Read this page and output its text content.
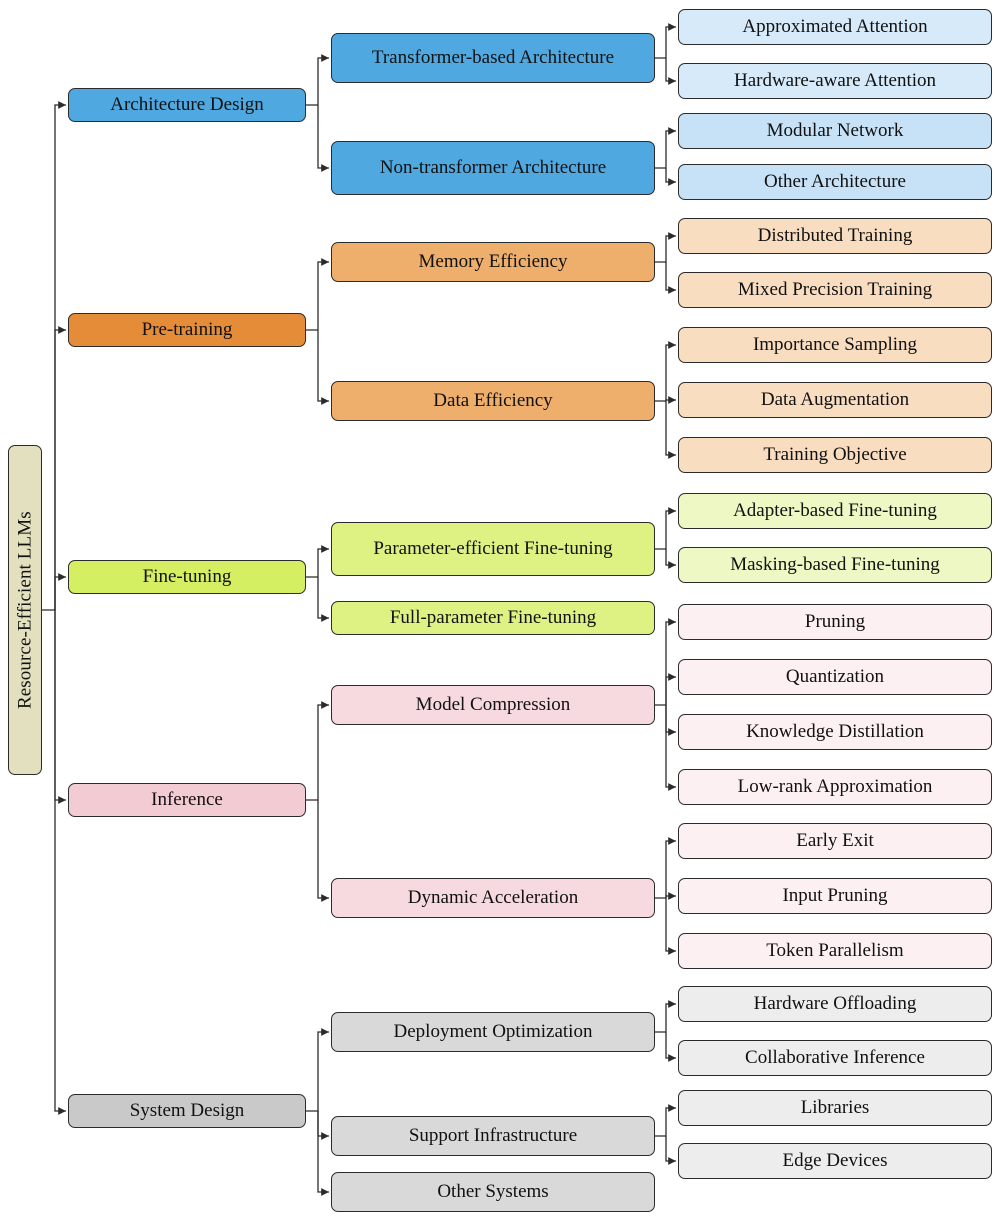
Resource-Efficient LLMs
Architecture Design
Pre-training
Fine-tuning
Inference
System Design
Transformer-based Architecture
Non-transformer Architecture
Memory Efficiency
Data Efficiency
Parameter-efficient Fine-tuning
Full-parameter Fine-tuning
Model Compression
Dynamic Acceleration
Deployment Optimization
Support Infrastructure
Other Systems
Approximated Attention
Hardware-aware Attention
Modular Network
Other Architecture
Distributed Training
Mixed Precision Training
Importance Sampling
Data Augmentation
Training Objective
Adapter-based Fine-tuning
Masking-based Fine-tuning
Pruning
Quantization
Knowledge Distillation
Low-rank Approximation
Early Exit
Input Pruning
Token Parallelism
Hardware Offloading
Collaborative Inference
Libraries
Edge Devices
